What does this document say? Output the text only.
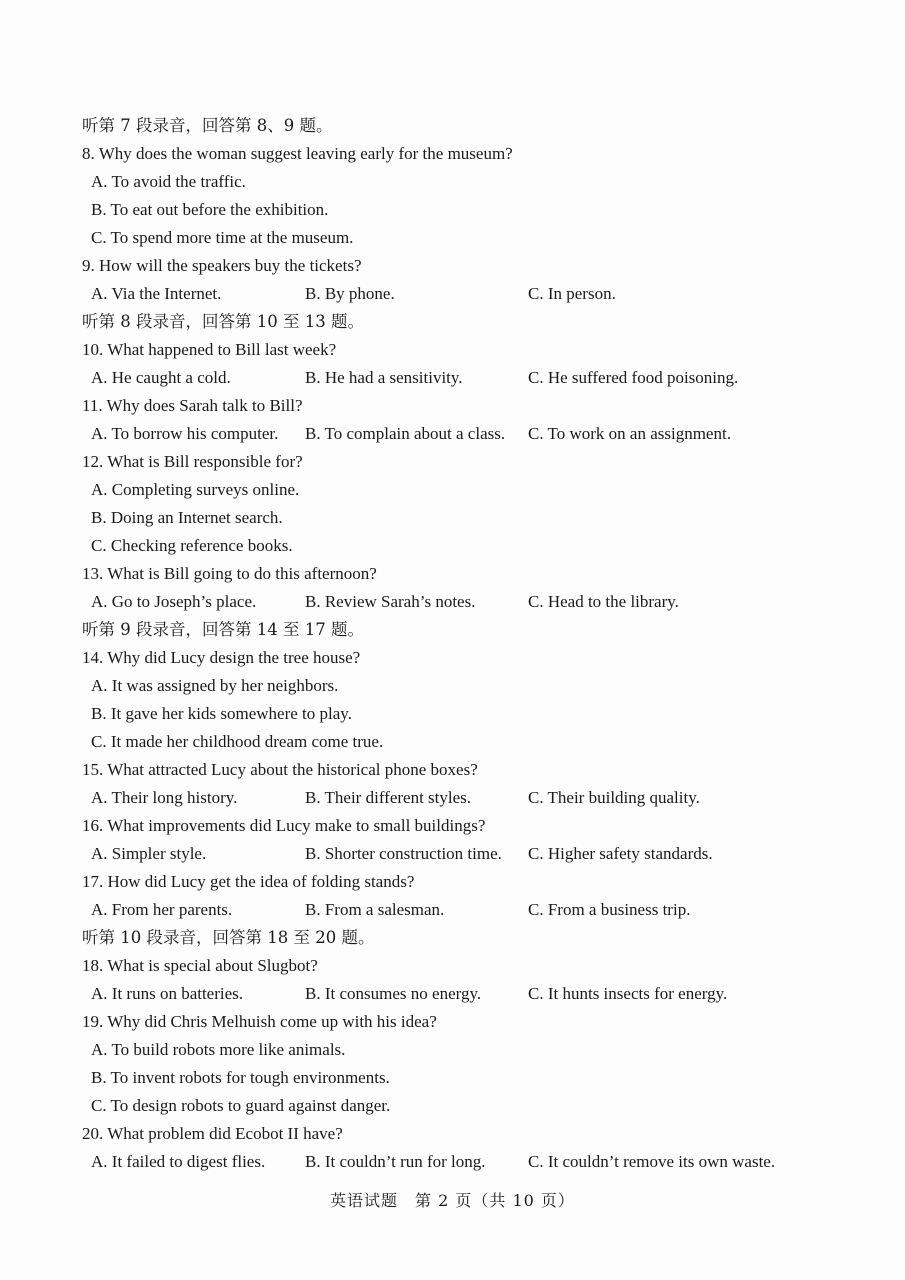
听第 7 段录音，回答第 8、9 题。
8. Why does the woman suggest leaving early for the museum?
A. To avoid the traffic.
B. To eat out before the exhibition.
C. To spend more time at the museum.
9. How will the speakers buy the tickets?
A. Via the Internet.	B. By phone.	C. In person.
听第 8 段录音，回答第 10 至 13 题。
10. What happened to Bill last week?
A. He caught a cold.	B. He had a sensitivity.	C. He suffered food poisoning.
11. Why does Sarah talk to Bill?
A. To borrow his computer.	B. To complain about a class.	C. To work on an assignment.
12. What is Bill responsible for?
A. Completing surveys online.
B. Doing an Internet search.
C. Checking reference books.
13. What is Bill going to do this afternoon?
A. Go to Joseph’s place.	B. Review Sarah’s notes.	C. Head to the library.
听第 9 段录音，回答第 14 至 17 题。
14. Why did Lucy design the tree house?
A. It was assigned by her neighbors.
B. It gave her kids somewhere to play.
C. It made her childhood dream come true.
15. What attracted Lucy about the historical phone boxes?
A. Their long history.	B. Their different styles.	C. Their building quality.
16. What improvements did Lucy make to small buildings?
A. Simpler style.	B. Shorter construction time.	C. Higher safety standards.
17. How did Lucy get the idea of folding stands?
A. From her parents.	B. From a salesman.	C. From a business trip.
听第 10 段录音，回答第 18 至 20 题。
18. What is special about Slugbot?
A. It runs on batteries.	B. It consumes no energy.	C. It hunts insects for energy.
19. Why did Chris Melhuish come up with his idea?
A. To build robots more like animals.
B. To invent robots for tough environments.
C. To design robots to guard against danger.
20. What problem did Ecobot II have?
A. It failed to digest flies.	B. It couldn’t run for long.	C. It couldn’t remove its own waste.
英语试题　第 2 页（共 10 页）
